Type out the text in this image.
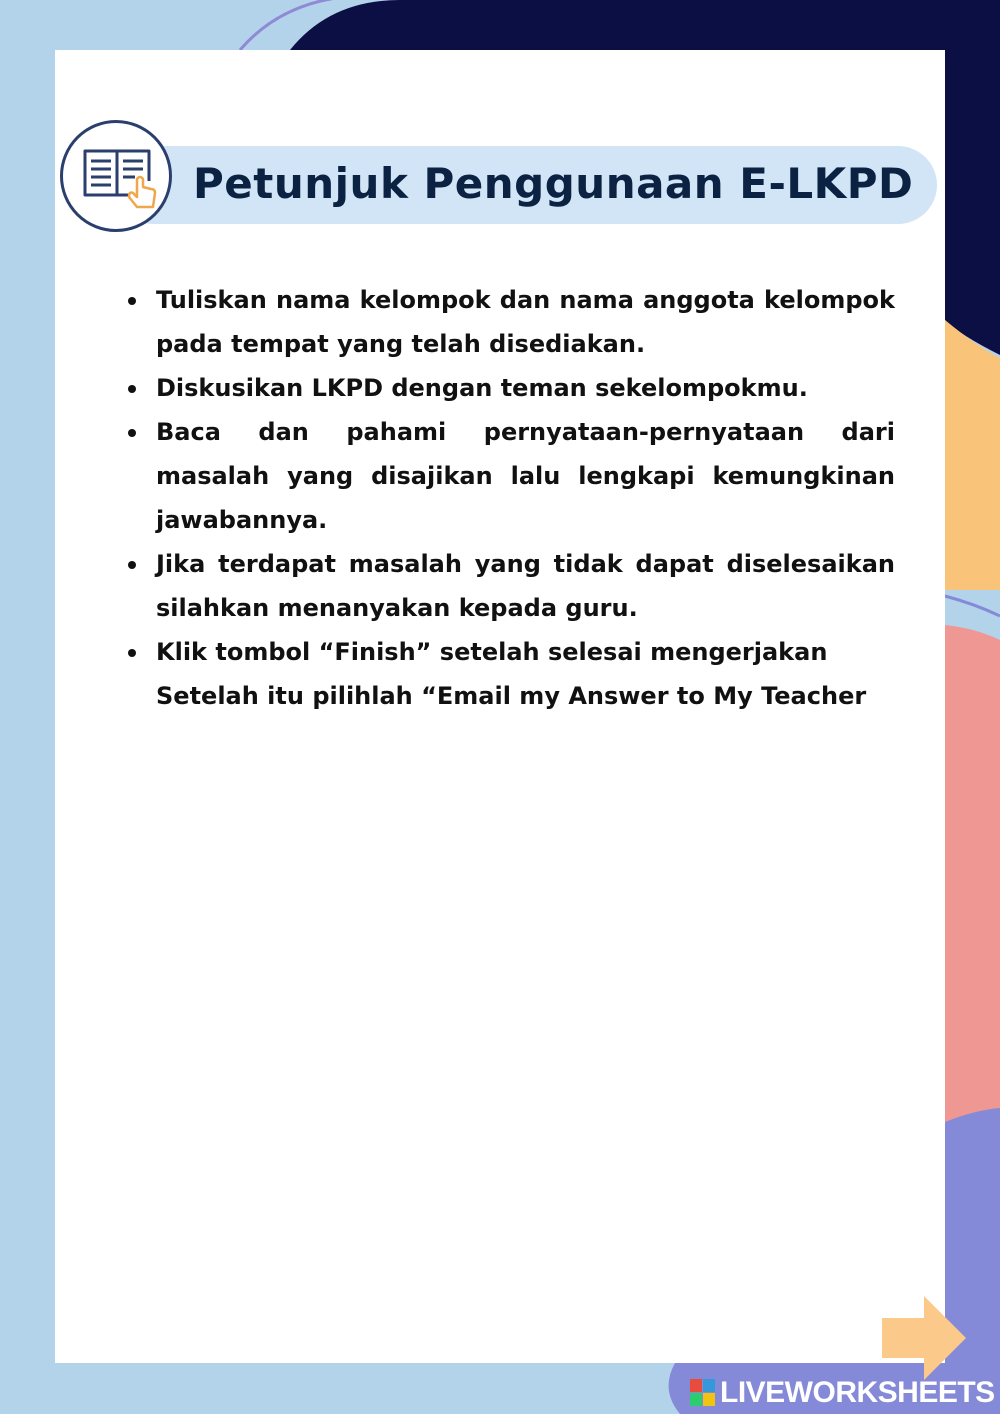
Petunjuk Penggunaan E-LKPD
Tuliskan nama kelompok dan nama anggota kelompok pada tempat yang telah disediakan.
Diskusikan LKPD dengan teman sekelompokmu.
Baca dan pahami pernyataan-pernyataan dari masalah yang disajikan lalu lengkapi kemungkinan jawabannya.
Jika terdapat masalah yang tidak dapat diselesaikan silahkan menanyakan kepada guru.
Klik tombol “Finish” setelah selesai mengerjakan
Setelah itu pilihlah “Email my Answer to My Teacher
LIVEWORKSHEETS
